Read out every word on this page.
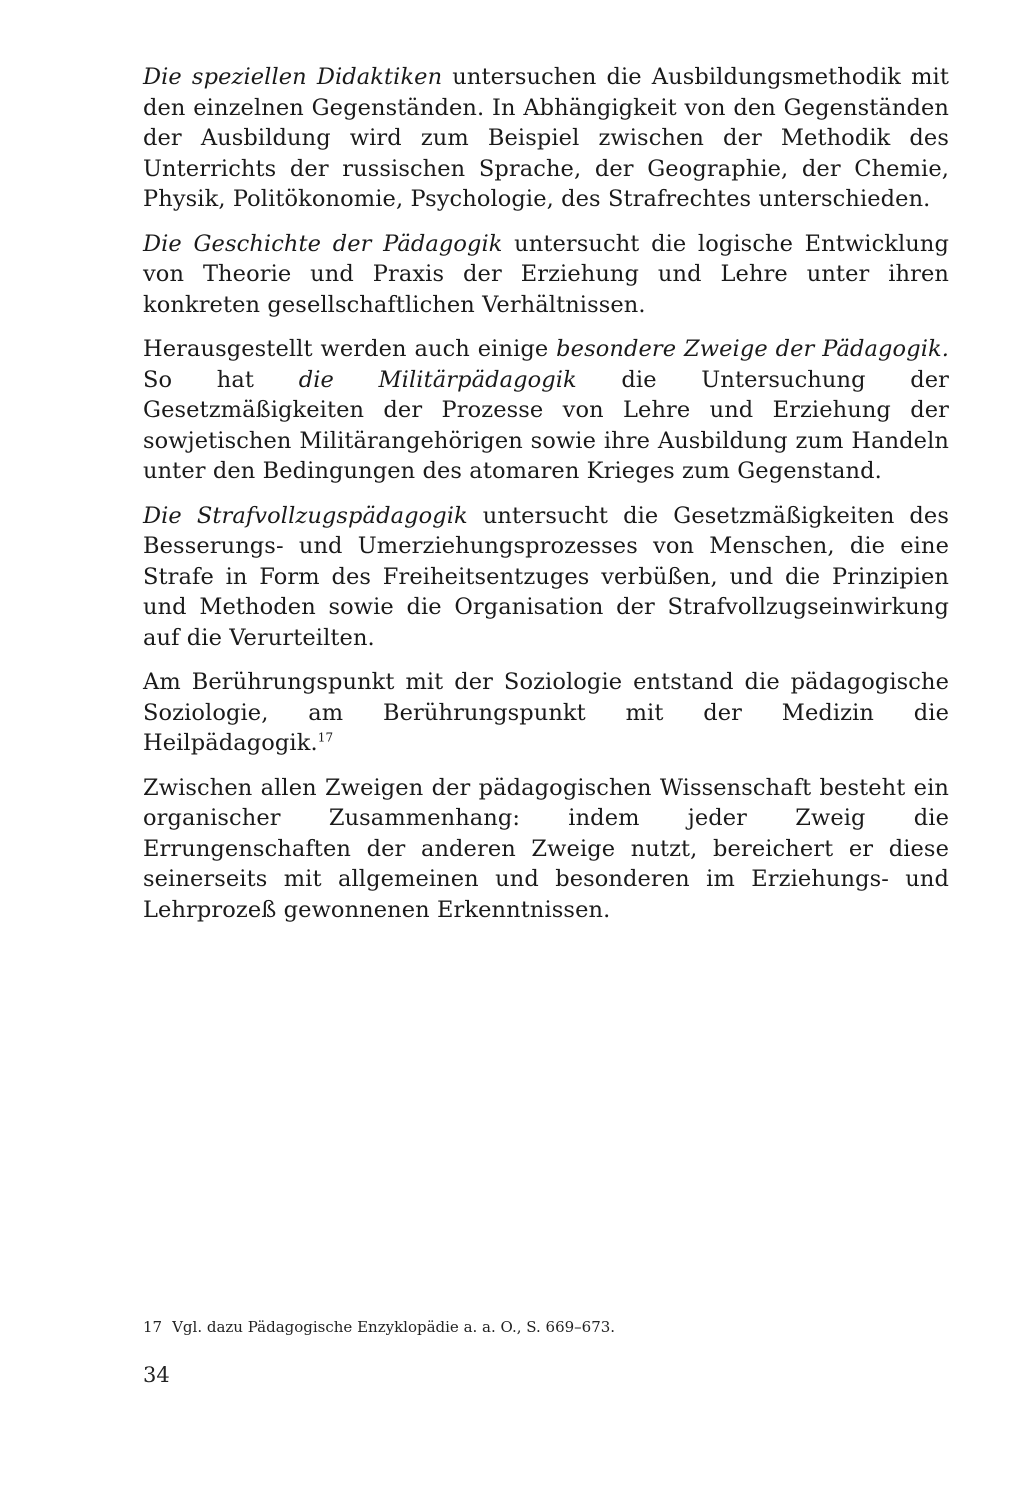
Die speziellen Didaktiken untersuchen die Ausbildungsmethodik mit den einzelnen Gegenständen. In Abhängigkeit von den Gegenständen der Ausbildung wird zum Beispiel zwischen der Methodik des Unterrichts der russischen Sprache, der Geographie, der Chemie, Physik, Politökonomie, Psychologie, des Strafrechtes unterschieden.

Die Geschichte der Pädagogik untersucht die logische Entwicklung von Theorie und Praxis der Erziehung und Lehre unter ihren konkreten gesellschaftlichen Verhältnissen.

Herausgestellt werden auch einige besondere Zweige der Pädagogik. So hat die Militärpädagogik die Untersuchung der Gesetzmäßigkeiten der Prozesse von Lehre und Erziehung der sowjetischen Militärangehörigen sowie ihre Ausbildung zum Handeln unter den Bedingungen des atomaren Krieges zum Gegenstand.

Die Strafvollzugspädagogik untersucht die Gesetzmäßigkeiten des Besserungs- und Umerziehungsprozesses von Menschen, die eine Strafe in Form des Freiheitsentzuges verbüßen, und die Prinzipien und Methoden sowie die Organisation der Strafvollzugseinwirkung auf die Verurteilten.

Am Berührungspunkt mit der Soziologie entstand die pädagogische Soziologie, am Berührungspunkt mit der Medizin die Heilpädagogik.$^{17}$

Zwischen allen Zweigen der pädagogischen Wissenschaft besteht ein organischer Zusammenhang: indem jeder Zweig die Errungenschaften der anderen Zweige nutzt, bereichert er diese seinerseits mit allgemeinen und besonderen im Erziehungs- und Lehrprozeß gewonnenen Erkenntnissen.

17 Vgl. dazu Pädagogische Enzyklopädie a. a. O., S. 669–673.
34
